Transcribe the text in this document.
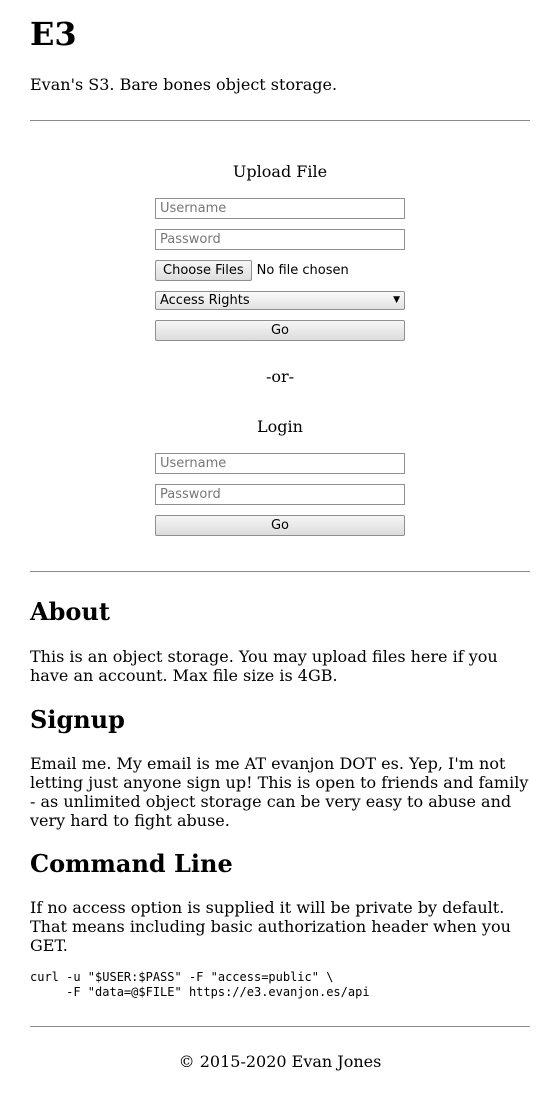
E3

Evan's S3. Bare bones object storage.

Upload File

Username
Choose Files	No file chosen
Access Rights	▼
Go

-or-

Login

Username
Go
About

This is an object storage. You may upload files here if you have an account. Max file size is 4GB.

Signup

Email me. My email is me AT evanjon DOT es. Yep, I'm not letting just anyone sign up! This is open to friends and family - as unlimited object storage can be very easy to abuse and very hard to fight abuse.

Command Line

If no access option is supplied it will be private by default. That means including basic authorization header when you GET.

curl -u "$USER:$PASS" -F "access=public" \
-F "data=@$FILE" https://e3.evanjon.es/api

© 2015-2020 Evan Jones
